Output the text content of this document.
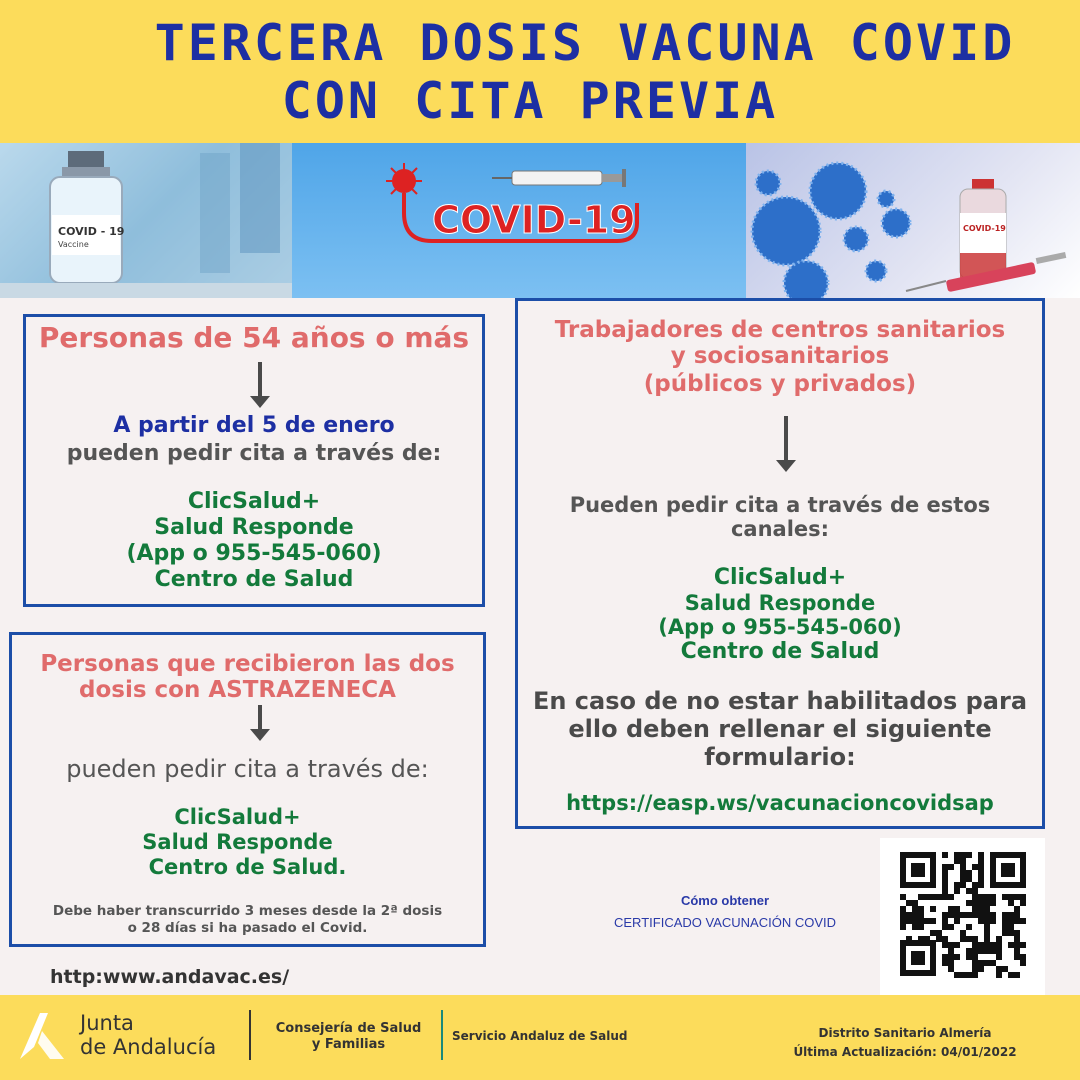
TERCERA DOSIS VACUNA COVID
CON CITA PREVIA
COVID - 19
Vaccine
COVID-19	COVID-19
Personas de 54 años o más
A partir del 5 de enero
pueden pedir cita a través de:
ClicSalud+
Salud Responde
(App o 955-545-060)
Centro de Salud
Personas que recibieron las dos
dosis con ASTRAZENECA
pueden pedir cita a través de:
ClicSalud+
Salud Responde
Centro de Salud.
Debe haber transcurrido 3 meses desde la 2ª dosis
o 28 días si ha pasado el Covid.
Trabajadores de centros sanitarios
y sociosanitarios
(públicos y privados)
Pueden pedir cita a través de estos
canales:
ClicSalud+
Salud Responde
(App o 955-545-060)
Centro de Salud
En caso de no estar habilitados para
ello deben rellenar el siguiente
formulario:
https://easp.ws/vacunacioncovidsap
Cómo obtener
CERTIFICADO VACUNACIÓN COVID
http:www.andavac.es/
Junta
de Andalucía
Consejería de Salud
y Familias
Servicio Andaluz de Salud	Distrito Sanitario Almería
Última Actualización: 04/01/2022
